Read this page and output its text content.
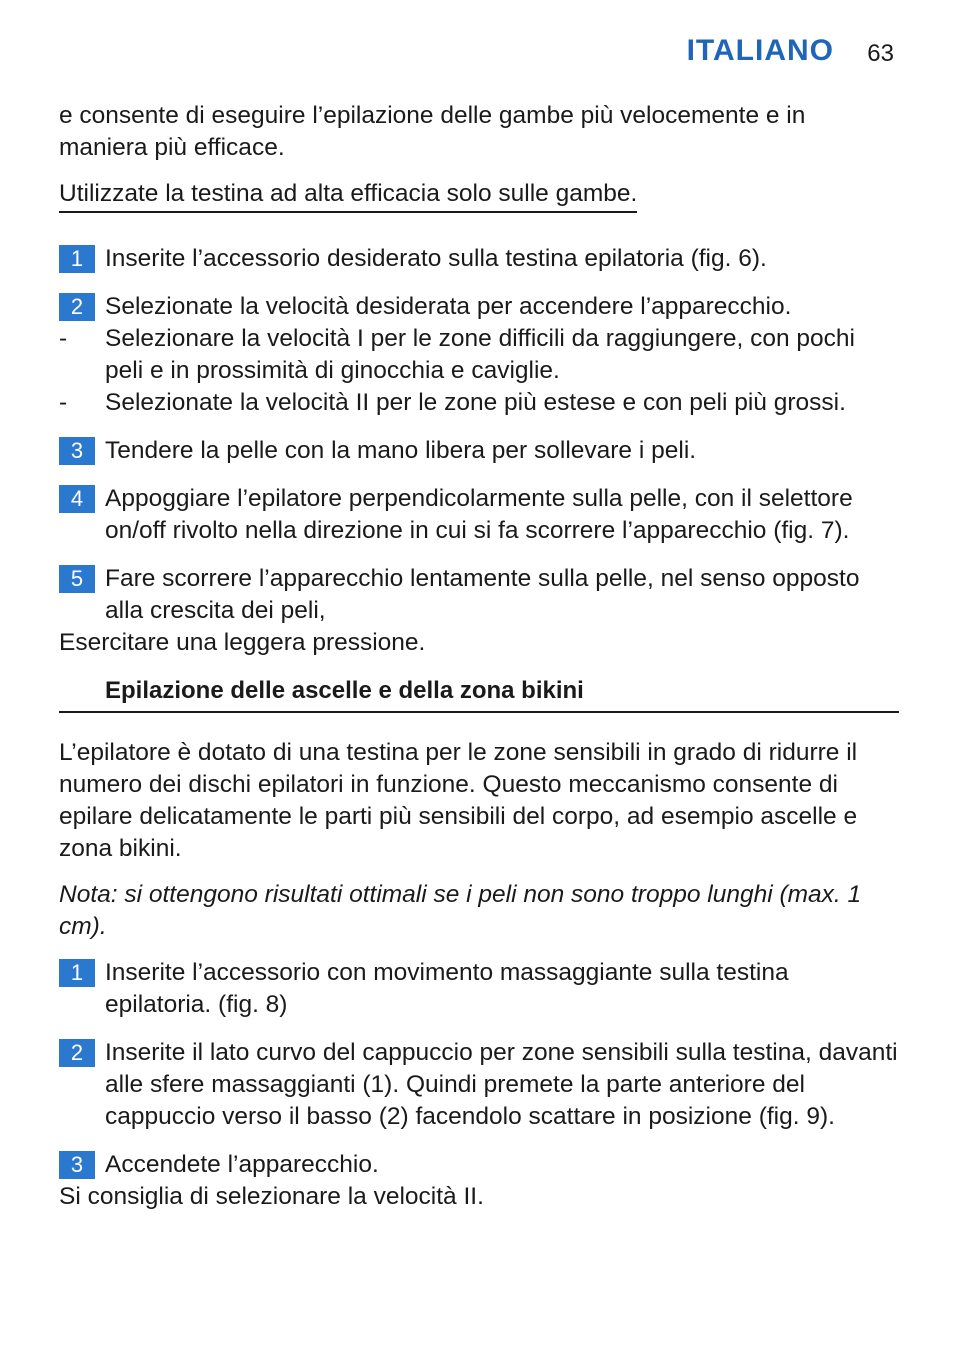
ITALIANO 63

e consente di eseguire l’epilazione delle gambe più velocemente e in maniera più efficace.

Utilizzate la testina ad alta efficacia solo sulle gambe.

1 Inserite l’accessorio desiderato sulla testina epilatoria (fig. 6).
2 Selezionate la velocità desiderata per accendere l’apparecchio.
-	Selezionare la velocità I per le zone difficili da raggiungere, con pochi peli e in prossimità di ginocchia e caviglie.
-	Selezionate la velocità II per le zone più estese e con peli più grossi.
3 Tendere la pelle con la mano libera per sollevare i peli.
4 Appoggiare l’epilatore perpendicolarmente sulla pelle, con il selettore on/off rivolto nella direzione in cui si fa scorrere l’apparecchio (fig. 7).
5 Fare scorrere l’apparecchio lentamente sulla pelle, nel senso opposto alla crescita dei peli,

Esercitare una leggera pressione.

Epilazione delle ascelle e della zona bikini

L’epilatore è dotato di una testina per le zone sensibili in grado di ridurre il numero dei dischi epilatori in funzione. Questo meccanismo consente di epilare delicatamente le parti più sensibili del corpo, ad esempio ascelle e zona bikini.

Nota: si ottengono risultati ottimali se i peli non sono troppo lunghi (max. 1 cm).

1 Inserite l’accessorio con movimento massaggiante sulla testina epilatoria. (fig. 8)
2 Inserite il lato curvo del cappuccio per zone sensibili sulla testina, davanti alle sfere massaggianti (1). Quindi premete la parte anteriore del cappuccio verso il basso (2) facendolo scattare in posizione (fig. 9).
3 Accendete l’apparecchio.

Si consiglia di selezionare la velocità II.
